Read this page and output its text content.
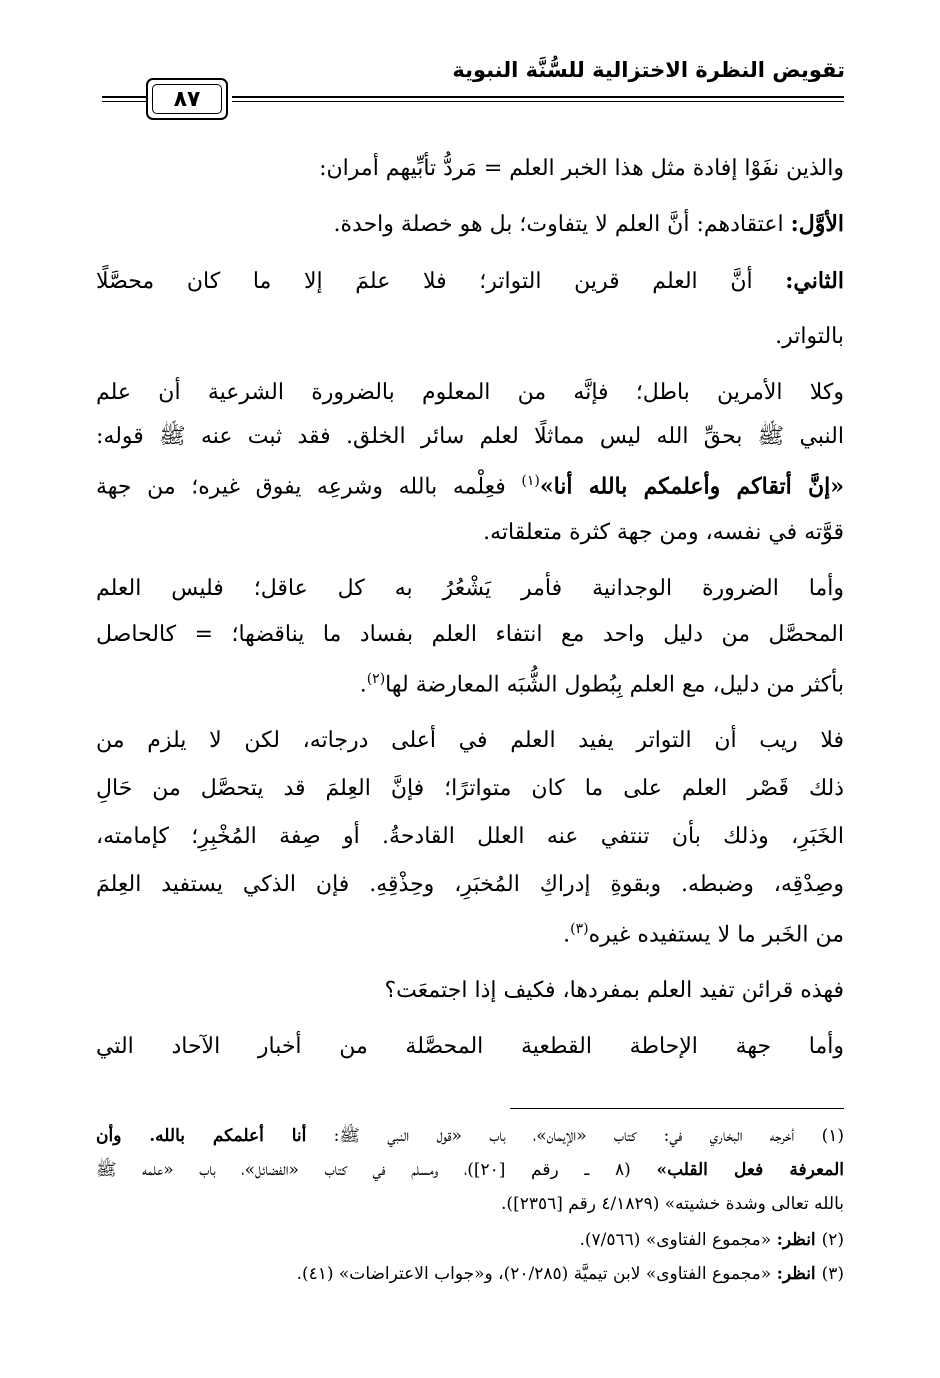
تقويض النظرة الاختزالية للسُّنَّة النبوية
٨٧
والذين نفَوْا إفادة مثل هذا الخبر العلم = مَردُّ تأبِّيهم أمران:
الأوَّل: اعتقادهم: أنَّ العلم لا يتفاوت؛ بل هو خصلة واحدة.
الثاني: أنَّ العلم قرين التواتر؛ فلا علمَ إلا ما كان محصَّلًا
بالتواتر.
وكلا الأمرين باطل؛ فإنَّه من المعلوم بالضرورة الشرعية أن علم
النبي ﷺ بحقِّ الله ليس مماثلًا لعلم سائر الخلق. فقد ثبت عنه ﷺ قوله:
«إنَّ أتقاكم وأعلمكم بالله أنا»$^{(١)}$ فعِلْمه بالله وشرعِه يفوق غيره؛ من جهة
قوَّته في نفسه، ومن جهة كثرة متعلقاته.
وأما الضرورة الوجدانية فأمر يَشْعُرُ به كل عاقل؛ فليس العلم
المحصَّل من دليل واحد مع انتفاء العلم بفساد ما يناقضها؛ = كالحاصل
بأكثر من دليل، مع العلم بِبُطول الشُّبَه المعارضة لها$^{(٢)}$.
فلا ريب أن التواتر يفيد العلم في أعلى درجاته، لكن لا يلزم من
ذلك قَصْر العلم على ما كان متواترًا؛ فإنَّ العِلمَ قد يتحصَّل من حَالِ
الخَبَرِ، وذلك بأن تنتفي عنه العلل القادحةُ. أو صِفة المُخْبِرِ؛ كإمامته،
وصِدْقِه، وضبطه. وبقوةِ إدراكِ المُخبَرِ، وحِذْقِهِ. فإن الذكي يستفيد العِلمَ
من الخَبر ما لا يستفيده غيره$^{(٣)}$.
فهذه قرائن تفيد العلم بمفردها، فكيف إذا اجتمعَت؟
وأما جهة الإحاطة القطعية المحصَّلة من أخبار الآحاد التي
(١) أخرجه البخاري في: كتاب «الإيمان»، باب «قول النبي ﷺ: أنا أعلمكم بالله. وأن
المعرفة فعل القلب» (٨ ـ رقم [٢٠])، ومسلم في كتاب «الفضائل»، باب «علمه ﷺ
بالله تعالى وشدة خشيته» (٤/١٨٢٩ رقم [٢٣٥٦]).
(٢) انظر: «مجموع الفتاوى» (٧/٥٦٦).
(٣) انظر: «مجموع الفتاوى» لابن تيميَّة (٢٠/٢٨٥)، و«جواب الاعتراضات» (٤١).
